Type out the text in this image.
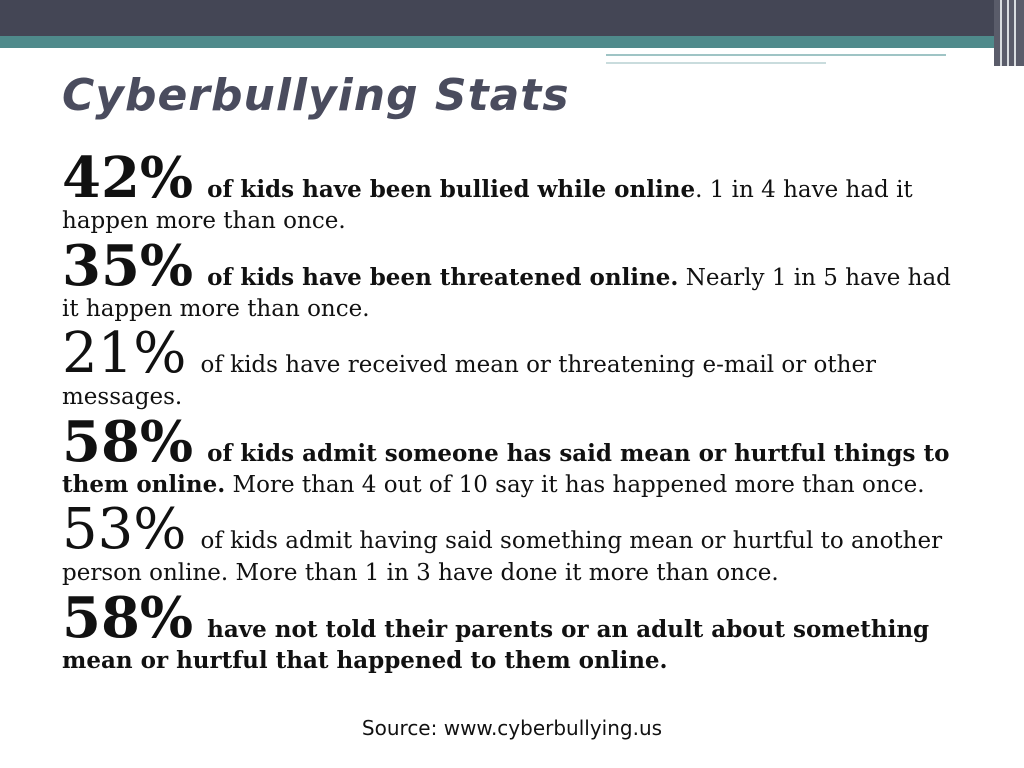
Cyberbullying Stats

42% of kids have been bullied while online. 1 in 4 have had it happen more than once.

35% of kids have been threatened online. Nearly 1 in 5 have had it happen more than once.

21% of kids have received mean or threatening e-mail or other messages.

58% of kids admit someone has said mean or hurtful things to them online. More than 4 out of 10 say it has happened more than once.

53% of kids admit having said something mean or hurtful to another person online. More than 1 in 3 have done it more than once.

58% have not told their parents or an adult about something mean or hurtful that happened to them online.

Source: www.cyberbullying.us
